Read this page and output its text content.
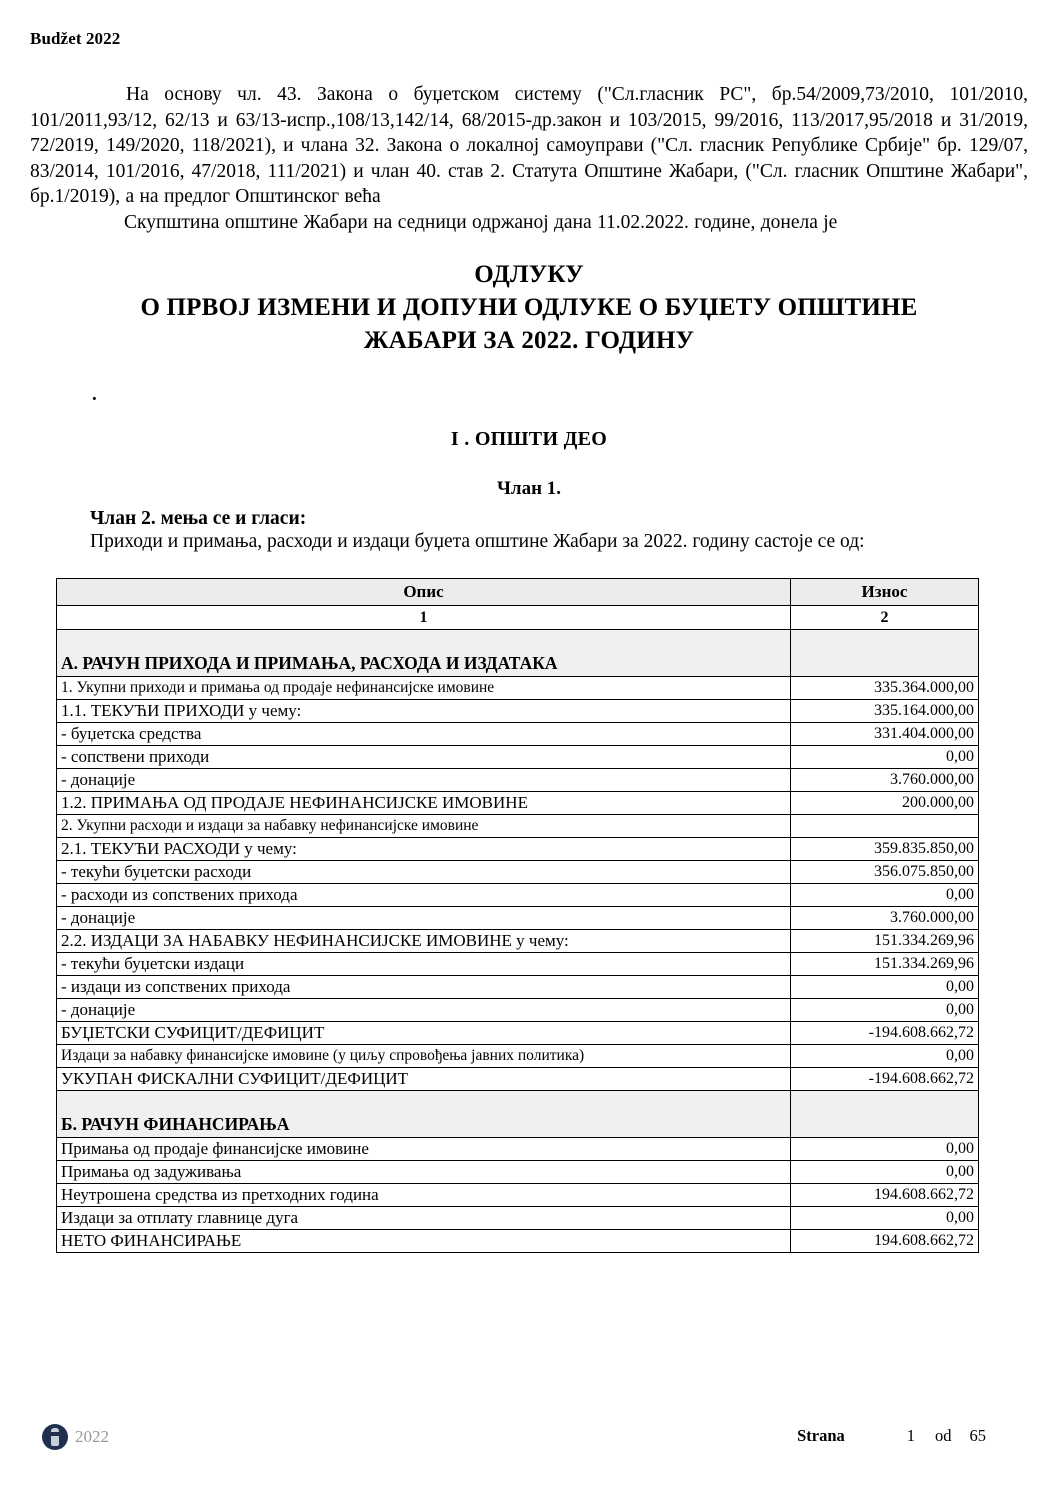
Budžet 2022

На основу чл. 43. Закона о буџетском систему ("Сл.гласник РС", бр.54/2009,73/2010, 101/2010, 101/2011,93/12, 62/13 и 63/13-испр.,108/13,142/14, 68/2015-др.закон и 103/2015, 99/2016, 113/2017,95/2018 и 31/2019, 72/2019, 149/2020, 118/2021), и члана 32. Закона о локалној самоуправи ("Сл. гласник Републике Србије" бр. 129/07, 83/2014, 101/2016, 47/2018, 111/2021) и члан 40. став 2. Статута Општине Жабари, ("Сл. гласник Општине Жабари", бр.1/2019), а на предлог Општинског већа

Скупштина општине Жабари на седници одржаној дана 11.02.2022. године, донела је

ОДЛУКУ
О ПРВОЈ ИЗМЕНИ И ДОПУНИ ОДЛУКЕ О БУЏЕТУ ОПШТИНЕ
ЖАБАРИ ЗА 2022. ГОДИНУ
.
I . ОПШТИ ДЕО
Члан 1.
Члан 2. мења се и гласи:
Приходи и примања, расходи и издаци буџета општине Жабари за 2022. годину састоје се од:
Опис	Износ
1	2
А. РАЧУН ПРИХОДА И ПРИМАЊА, РАСХОДА И ИЗДАТАКА	
1. Укупни приходи и примања од продаје нефинансијске имовине	335.364.000,00
1.1. ТЕКУЋИ ПРИХОДИ у чему:	335.164.000,00
- буџетска средства	331.404.000,00
- сопствени приходи	0,00
- донације	3.760.000,00
1.2. ПРИМАЊА ОД ПРОДАЈЕ НЕФИНАНСИЈСКЕ ИМОВИНЕ	200.000,00
2. Укупни расходи и издаци за набавку нефинансијске имовине	
2.1. ТЕКУЋИ РАСХОДИ у чему:	359.835.850,00
- текући буџетски расходи	356.075.850,00
- расходи из сопствених прихода	0,00
- донације	3.760.000,00
2.2. ИЗДАЦИ ЗА НАБАВКУ НЕФИНАНСИЈСКЕ ИМОВИНЕ у чему:	151.334.269,96
- текући буџетски издаци	151.334.269,96
- издаци из сопствених прихода	0,00
- донације	0,00
БУЏЕТСКИ СУФИЦИТ/ДЕФИЦИТ	-194.608.662,72
Издаци за набавку финансијске имовине (у циљу спровођења јавних политика)	0,00
УКУПАН ФИСКАЛНИ СУФИЦИТ/ДЕФИЦИТ	-194.608.662,72
Б. РАЧУН ФИНАНСИРАЊА	
Примања од продаје финансијске имовине	0,00
Примања од задуживања	0,00
Неутрошена средства из претходних година	194.608.662,72
Издаци за отплату главнице дуга	0,00
НЕТО ФИНАНСИРАЊЕ	194.608.662,72
2022	Strana	1 od 65
